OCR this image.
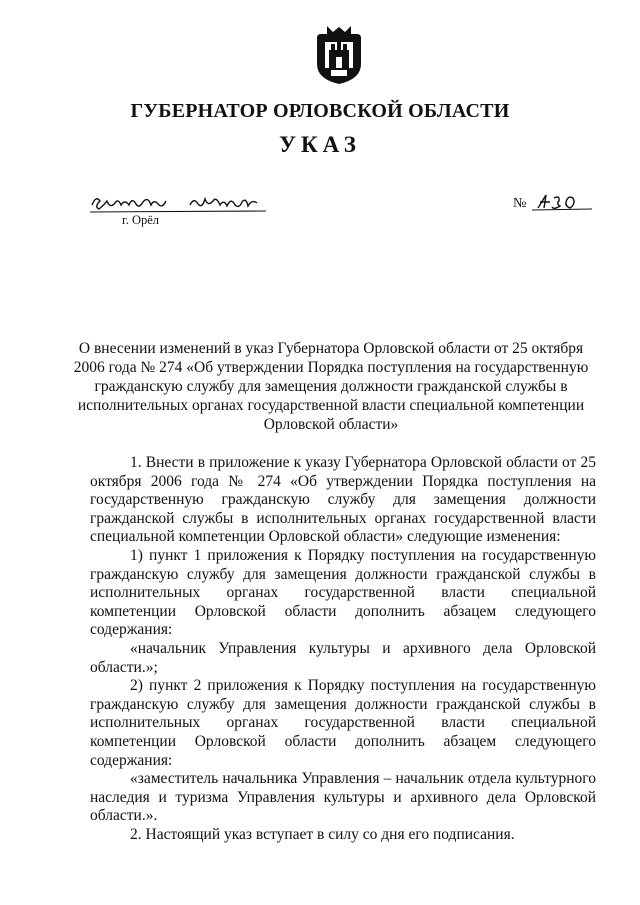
ГУБЕРНАТОР ОРЛОВСКОЙ ОБЛАСТИ
УКАЗ
г. Орёл
№
О внесении изменений в указ Губернатора Орловской области от 25 октября 2006 года № 274 «Об утверждении Порядка поступления на государственную гражданскую службу для замещения должности гражданской службы в исполнительных органах государственной власти специальной компетенции Орловской области»

1. Внести в приложение к указу Губернатора Орловской области от 25 октября 2006 года № 274 «Об утверждении Порядка поступления на государственную гражданскую службу для замещения должности гражданской службы в исполнительных органах государственной власти специальной компетенции Орловской области» следующие изменения:

1) пункт 1 приложения к Порядку поступления на государственную гражданскую службу для замещения должности гражданской службы в исполнительных органах государственной власти специальной компетенции Орловской области дополнить абзацем следующего содержания:

«начальник Управления культуры и архивного дела Орловской области.»;

2) пункт 2 приложения к Порядку поступления на государственную гражданскую службу для замещения должности гражданской службы в исполнительных органах государственной власти специальной компетенции Орловской области дополнить абзацем следующего содержания:

«заместитель начальника Управления – начальник отдела культурного наследия и туризма Управления культуры и архивного дела Орловской области.».

2. Настоящий указ вступает в силу со дня его подписания.
